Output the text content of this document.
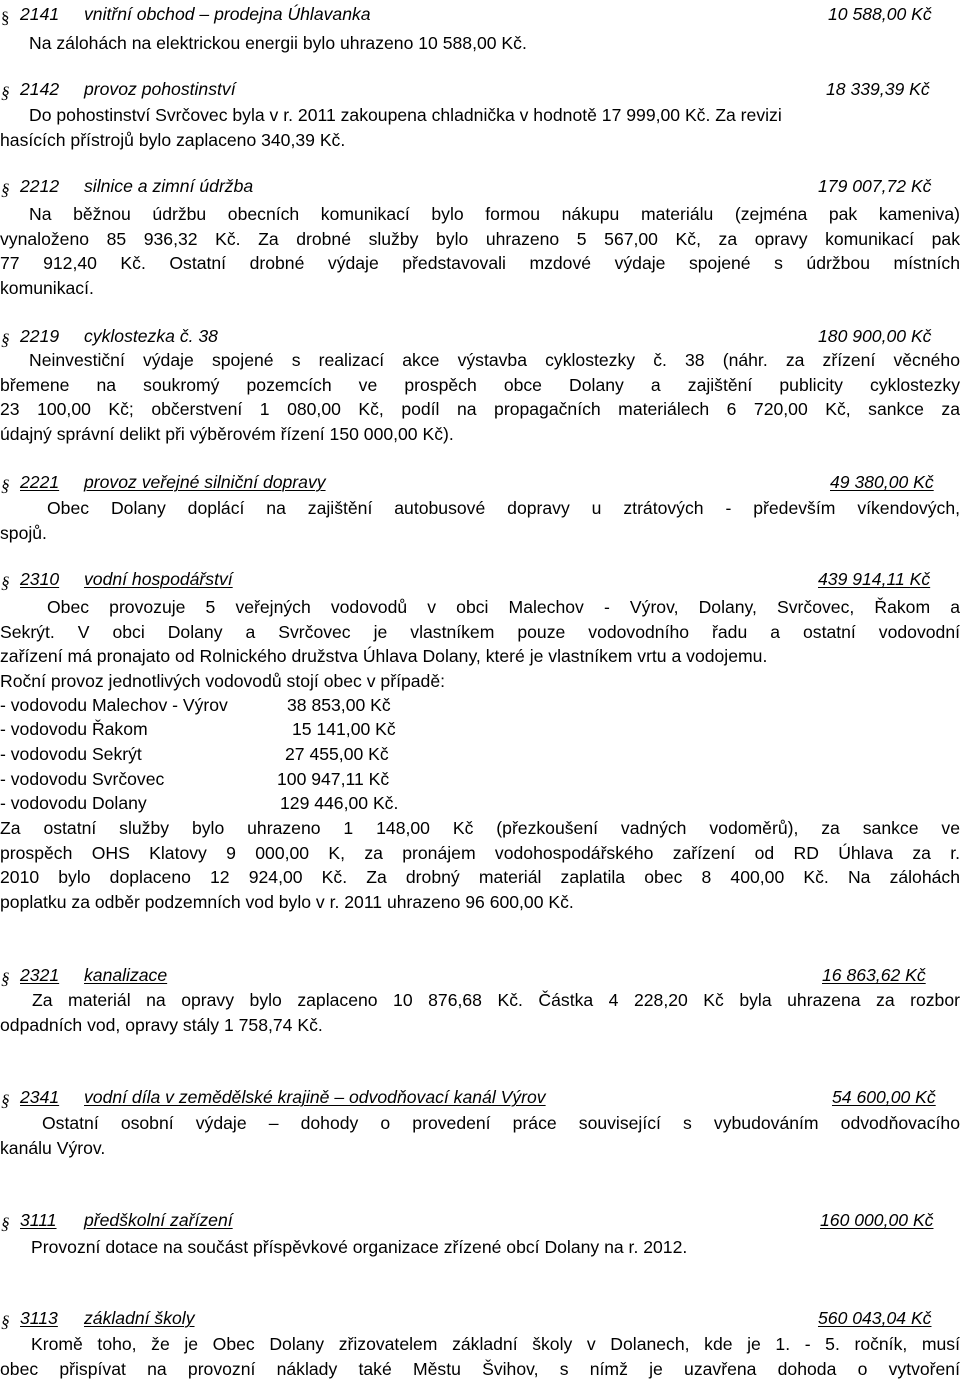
§ 2141 vnitřní obchod – prodejna Úhlavanka	10 588,00 Kč
Na zálohách na elektrickou energii bylo uhrazeno 10 588,00 Kč.
§ 2142 provoz pohostinství	18 339,39 Kč
Do pohostinství Svrčovec byla v r. 2011 zakoupena chladnička v hodnotě 17 999,00 Kč. Za revizi
hasících přístrojů bylo zaplaceno 340,39 Kč.
§ 2212 silnice a zimní údržba	179 007,72 Kč
Na běžnou údržbu obecních komunikací bylo formou nákupu materiálu (zejména pak kameniva)
vynaloženo 85 936,32 Kč. Za drobné služby bylo uhrazeno 5 567,00 Kč, za opravy komunikací pak
77 912,40 Kč. Ostatní drobné výdaje představovali mzdové výdaje spojené s údržbou místních
komunikací.
§ 2219 cyklostezka č. 38	180 900,00 Kč
Neinvestiční výdaje spojené s realizací akce výstavba cyklostezky č. 38 (náhr. za zřízení věcného
břemene na soukromý pozemcích ve prospěch obce Dolany a zajištění publicity cyklostezky
23 100,00 Kč; občerstvení 1 080,00 Kč, podíl na propagačních materiálech 6 720,00 Kč, sankce za
údajný správní delikt při výběrovém řízení 150 000,00 Kč).
§ 2221 provoz veřejné silniční dopravy	49 380,00 Kč
Obec Dolany doplácí na zajištění autobusové dopravy u ztrátových - především víkendových,
spojů.
§ 2310 vodní hospodářství	439 914,11 Kč
Obec provozuje 5 veřejných vodovodů v obci Malechov - Výrov, Dolany, Svrčovec, Řakom a
Sekrýt. V obci Dolany a Svrčovec je vlastníkem pouze vodovodního řadu a ostatní vodovodní
zařízení má pronajato od Rolnického družstva Úhlava Dolany, které je vlastníkem vrtu a vodojemu.
Roční provoz jednotlivých vodovodů stojí obec v případě:
- vodovodu Malechov - Výrov	38 853,00 Kč
- vodovodu Řakom	15 141,00 Kč
- vodovodu Sekrýt	27 455,00 Kč
- vodovodu Svrčovec	100 947,11 Kč
- vodovodu Dolany	129 446,00 Kč.
Za ostatní služby bylo uhrazeno 1 148,00 Kč (přezkoušení vadných vodoměrů), za sankce ve
prospěch OHS Klatovy 9 000,00 K, za pronájem vodohospodářského zařízení od RD Úhlava za r.
2010 bylo doplaceno 12 924,00 Kč. Za drobný materiál zaplatila obec 8 400,00 Kč. Na zálohách
poplatku za odběr podzemních vod bylo v r. 2011 uhrazeno 96 600,00 Kč.
§ 2321 kanalizace	16 863,62 Kč
Za materiál na opravy bylo zaplaceno 10 876,68 Kč. Částka 4 228,20 Kč byla uhrazena za rozbor
odpadních vod, opravy stály 1 758,74 Kč.
§ 2341 vodní díla v zemědělské krajině – odvodňovací kanál Výrov	54 600,00 Kč
Ostatní osobní výdaje – dohody o provedení práce související s vybudováním odvodňovacího
kanálu Výrov.
§ 3111 předškolní zařízení	160 000,00 Kč
Provozní dotace na součást příspěvkové organizace zřízené obcí Dolany na r. 2012.
§ 3113 základní školy	560 043,04 Kč
Kromě toho, že je Obec Dolany zřizovatelem základní školy v Dolanech, kde je 1. - 5. ročník, musí
obec přispívat na provozní náklady také Městu Švihov, s nímž je uzavřena dohoda o vytvoření
